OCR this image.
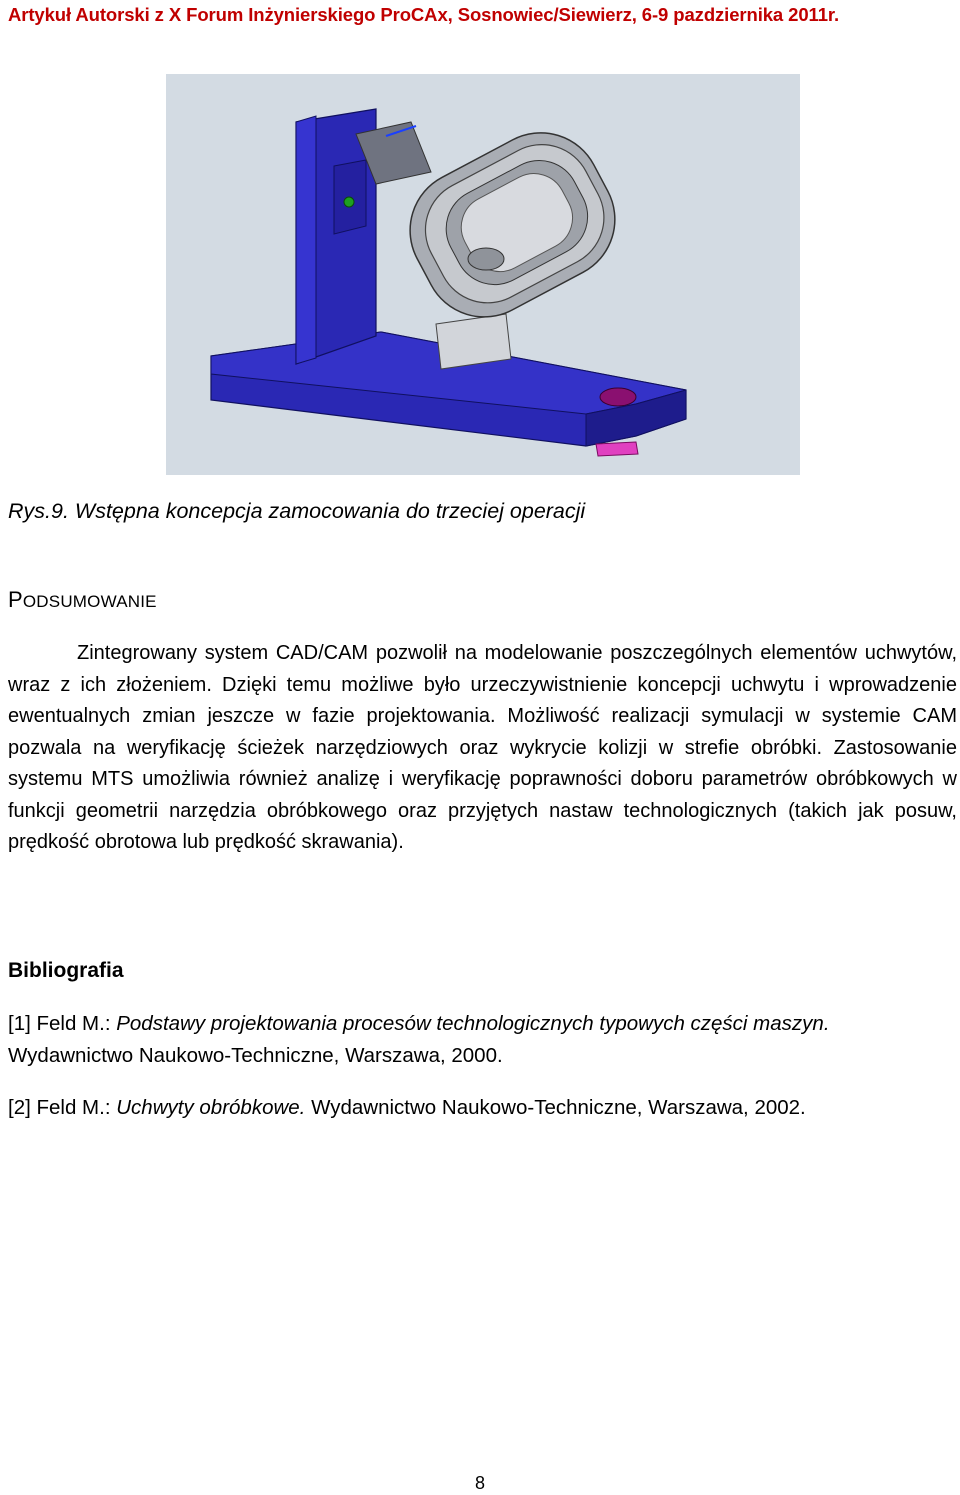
Artykuł Autorski z X Forum Inżynierskiego ProCAx, Sosnowiec/Siewierz, 6-9 pazdziernika 2011r.
Rys.9. Wstępna koncepcja zamocowania do trzeciej operacji
PODSUMOWANIE

Zintegrowany system CAD/CAM pozwolił na modelowanie poszczególnych elementów uchwytów, wraz z ich złożeniem. Dzięki temu możliwe było urzeczywistnienie koncepcji uchwytu i wprowadzenie ewentualnych zmian jeszcze w fazie projektowania. Możliwość realizacji symulacji w systemie CAM pozwala na weryfikację ścieżek narzędziowych oraz wykrycie kolizji w strefie obróbki. Zastosowanie systemu MTS umożliwia również analizę i weryfikację poprawności doboru parametrów obróbkowych w funkcji geometrii narzędzia obróbkowego oraz przyjętych nastaw technologicznych (takich jak posuw, prędkość obrotowa lub prędkość skrawania).

Bibliografia

[1] Feld M.: Podstawy projektowania procesów technologicznych typowych części maszyn. Wydawnictwo Naukowo-Techniczne, Warszawa, 2000.

[2] Feld M.: Uchwyty obróbkowe. Wydawnictwo Naukowo-Techniczne, Warszawa, 2002.

8
